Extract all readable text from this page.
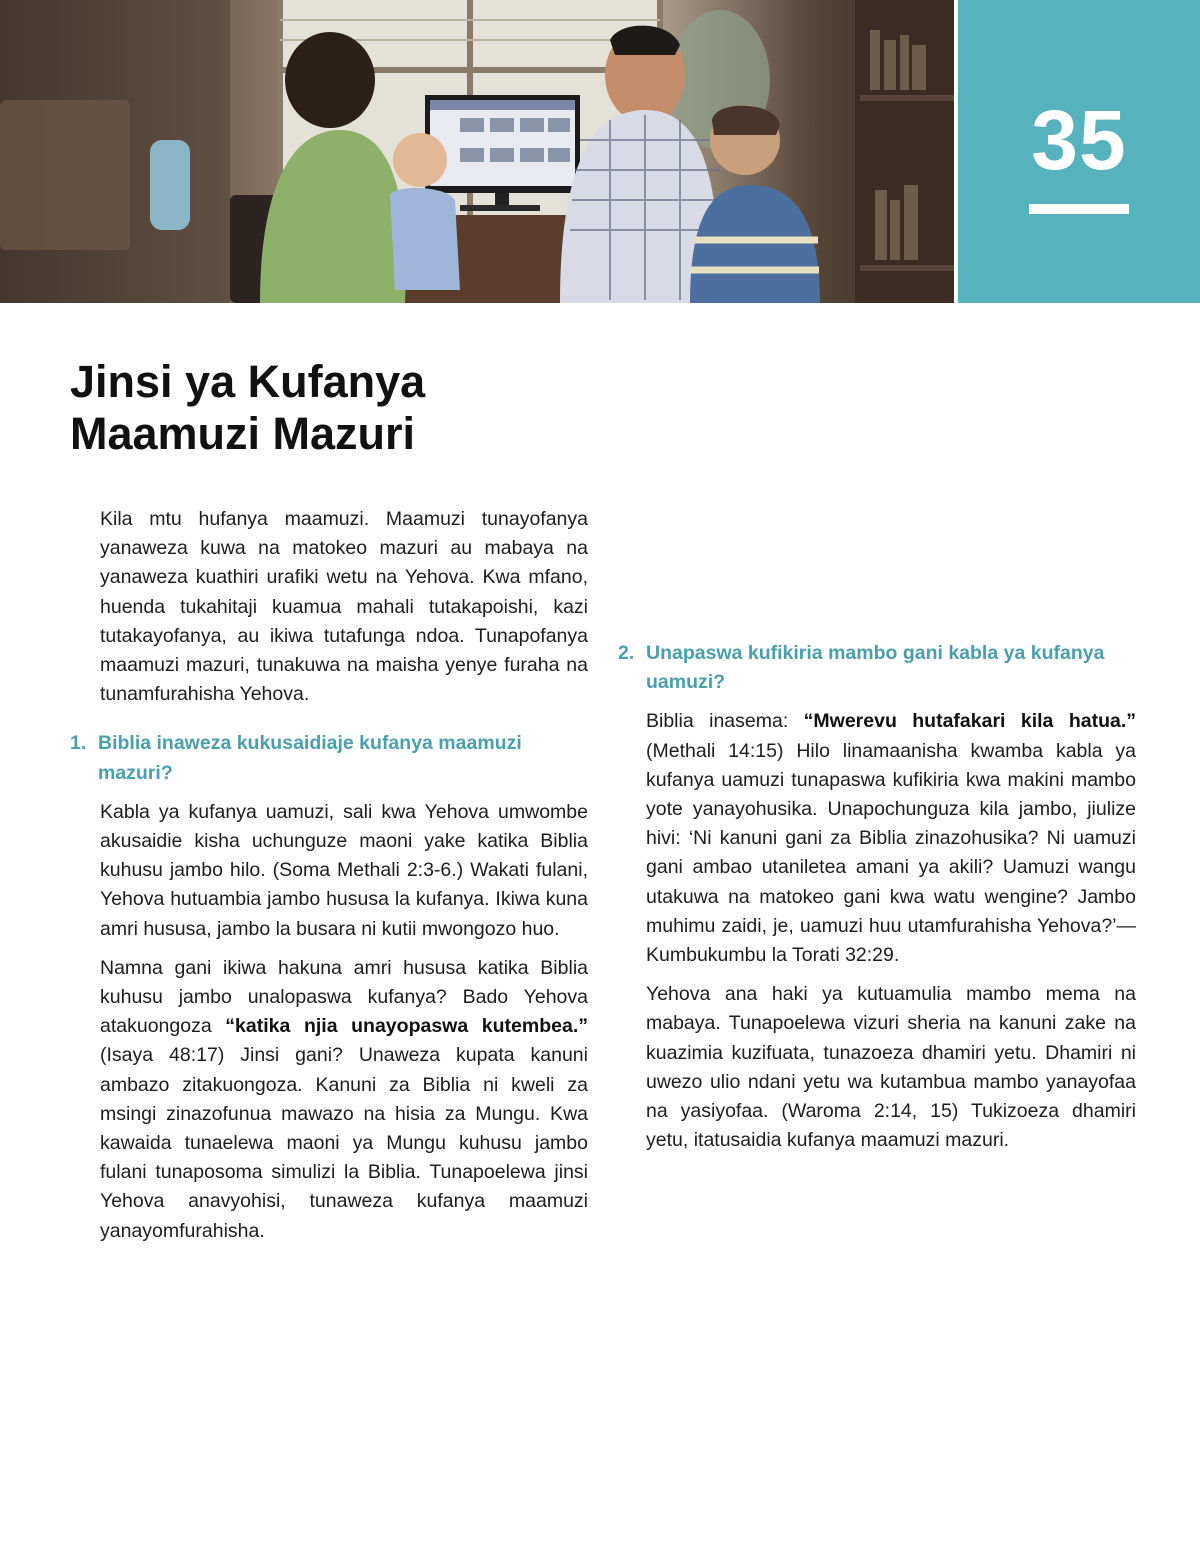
35
Jinsi ya Kufanya
Maamuzi Mazuri

Kila mtu hufanya maamuzi. Maamuzi tunayofanya yanaweza kuwa na matokeo mazuri au mabaya na yanaweza kuathiri urafiki wetu na Yehova. Kwa mfano, huenda tukahitaji kuamua mahali tutakapoishi, kazi tutakayofanya, au ikiwa tutafunga ndoa. Tunapofanya maamuzi mazuri, tunakuwa na maisha yenye furaha na tunamfurahisha Yehova.

1. Biblia inaweza kukusaidiaje kufanya maamuzi mazuri?

Kabla ya kufanya uamuzi, sali kwa Yehova umwombe akusaidie kisha uchunguze maoni yake katika Biblia kuhusu jambo hilo. (Soma Methali 2:3-6.) Wakati fulani, Yehova hutuambia jambo hususa la kufanya. Ikiwa kuna amri hususa, jambo la busara ni kutii mwongozo huo.

Namna gani ikiwa hakuna amri hususa katika Biblia kuhusu jambo unalopaswa kufanya? Bado Yehova atakuongoza “katika njia unayopaswa kutembea.” (Isaya 48:17) Jinsi gani? Unaweza kupata kanuni ambazo zitakuongoza. Kanuni za Biblia ni kweli za msingi zinazofunua mawazo na hisia za Mungu. Kwa kawaida tunaelewa maoni ya Mungu kuhusu jambo fulani tunaposoma simulizi la Biblia. Tunapoelewa jinsi Yehova anavyohisi, tunaweza kufanya maamuzi yanayomfurahisha.

2. Unapaswa kufikiria mambo gani kabla ya kufanya uamuzi?

Biblia inasema: “Mwerevu hutafakari kila hatua.” (Methali 14:15) Hilo linamaanisha kwamba kabla ya kufanya uamuzi tunapaswa kufikiria kwa makini mambo yote yanayohusika. Unapochunguza kila jambo, jiulize hivi: ‘Ni kanuni gani za Biblia zinazohusika? Ni uamuzi gani ambao utaniletea amani ya akili? Uamuzi wangu utakuwa na matokeo gani kwa watu wengine? Jambo muhimu zaidi, je, uamuzi huu utamfurahisha Yehova?’—Kumbukumbu la Torati 32:29.

Yehova ana haki ya kutuamulia mambo mema na mabaya. Tunapoelewa vizuri sheria na kanuni zake na kuazimia kuzifuata, tunazoeza dhamiri yetu. Dhamiri ni uwezo ulio ndani yetu wa kutambua mambo yanayofaa na yasiyofaa. (Waroma 2:14, 15) Tukizoeza dhamiri yetu, itatusaidia kufanya maamuzi mazuri.
